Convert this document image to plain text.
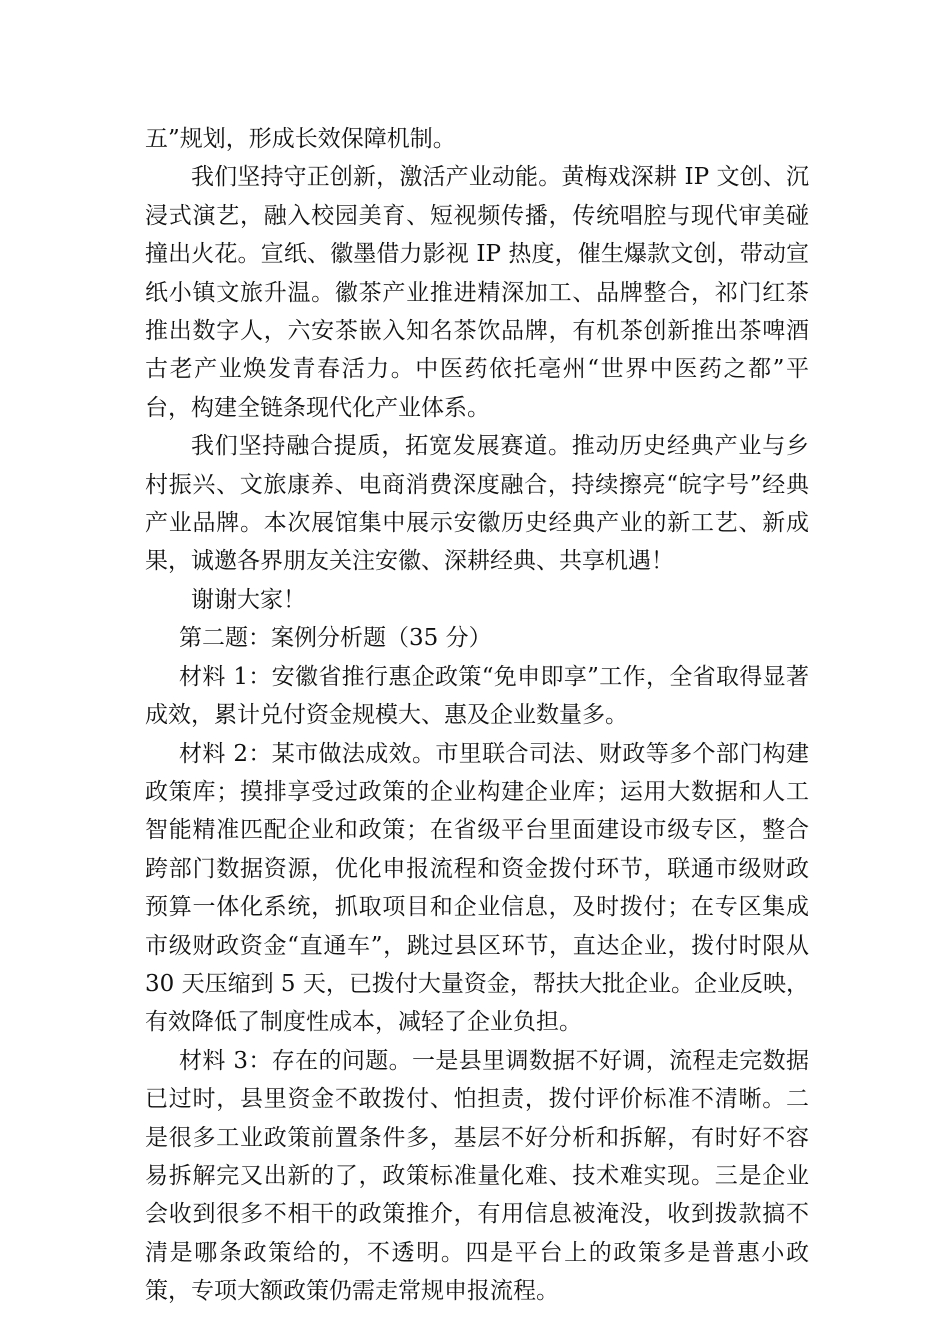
五”规划，形成长效保障机制。

我们坚持守正创新，激活产业动能。黄梅戏深耕 IP 文创、沉浸式演艺，融入校园美育、短视频传播，传统唱腔与现代审美碰撞出火花。宣纸、徽墨借力影视 IP 热度，催生爆款文创，带动宣纸小镇文旅升温。徽茶产业推进精深加工、品牌整合，祁门红茶推出数字人，六安茶嵌入知名茶饮品牌，有机茶创新推出茶啤酒古老产业焕发青春活力。中医药依托亳州“世界中医药之都”平台，构建全链条现代化产业体系。

我们坚持融合提质，拓宽发展赛道。推动历史经典产业与乡村振兴、文旅康养、电商消费深度融合，持续擦亮“皖字号”经典产业品牌。本次展馆集中展示安徽历史经典产业的新工艺、新成果，诚邀各界朋友关注安徽、深耕经典、共享机遇！

谢谢大家！

第二题：案例分析题（35 分）

材料 1：安徽省推行惠企政策“免申即享”工作，全省取得显著成效，累计兑付资金规模大、惠及企业数量多。

材料 2：某市做法成效。市里联合司法、财政等多个部门构建政策库；摸排享受过政策的企业构建企业库；运用大数据和人工智能精准匹配企业和政策；在省级平台里面建设市级专区，整合跨部门数据资源，优化申报流程和资金拨付环节，联通市级财政预算一体化系统，抓取项目和企业信息，及时拨付；在专区集成市级财政资金“直通车”，跳过县区环节，直达企业，拨付时限从 30 天压缩到 5 天，已拨付大量资金，帮扶大批企业。企业反映，有效降低了制度性成本，减轻了企业负担。

材料 3：存在的问题。一是县里调数据不好调，流程走完数据已过时，县里资金不敢拨付、怕担责，拨付评价标准不清晰。二是很多工业政策前置条件多，基层不好分析和拆解，有时好不容易拆解完又出新的了，政策标准量化难、技术难实现。三是企业会收到很多不相干的政策推介，有用信息被淹没，收到拨款搞不清是哪条政策给的，不透明。四是平台上的政策多是普惠小政策，专项大额政策仍需走常规申报流程。
